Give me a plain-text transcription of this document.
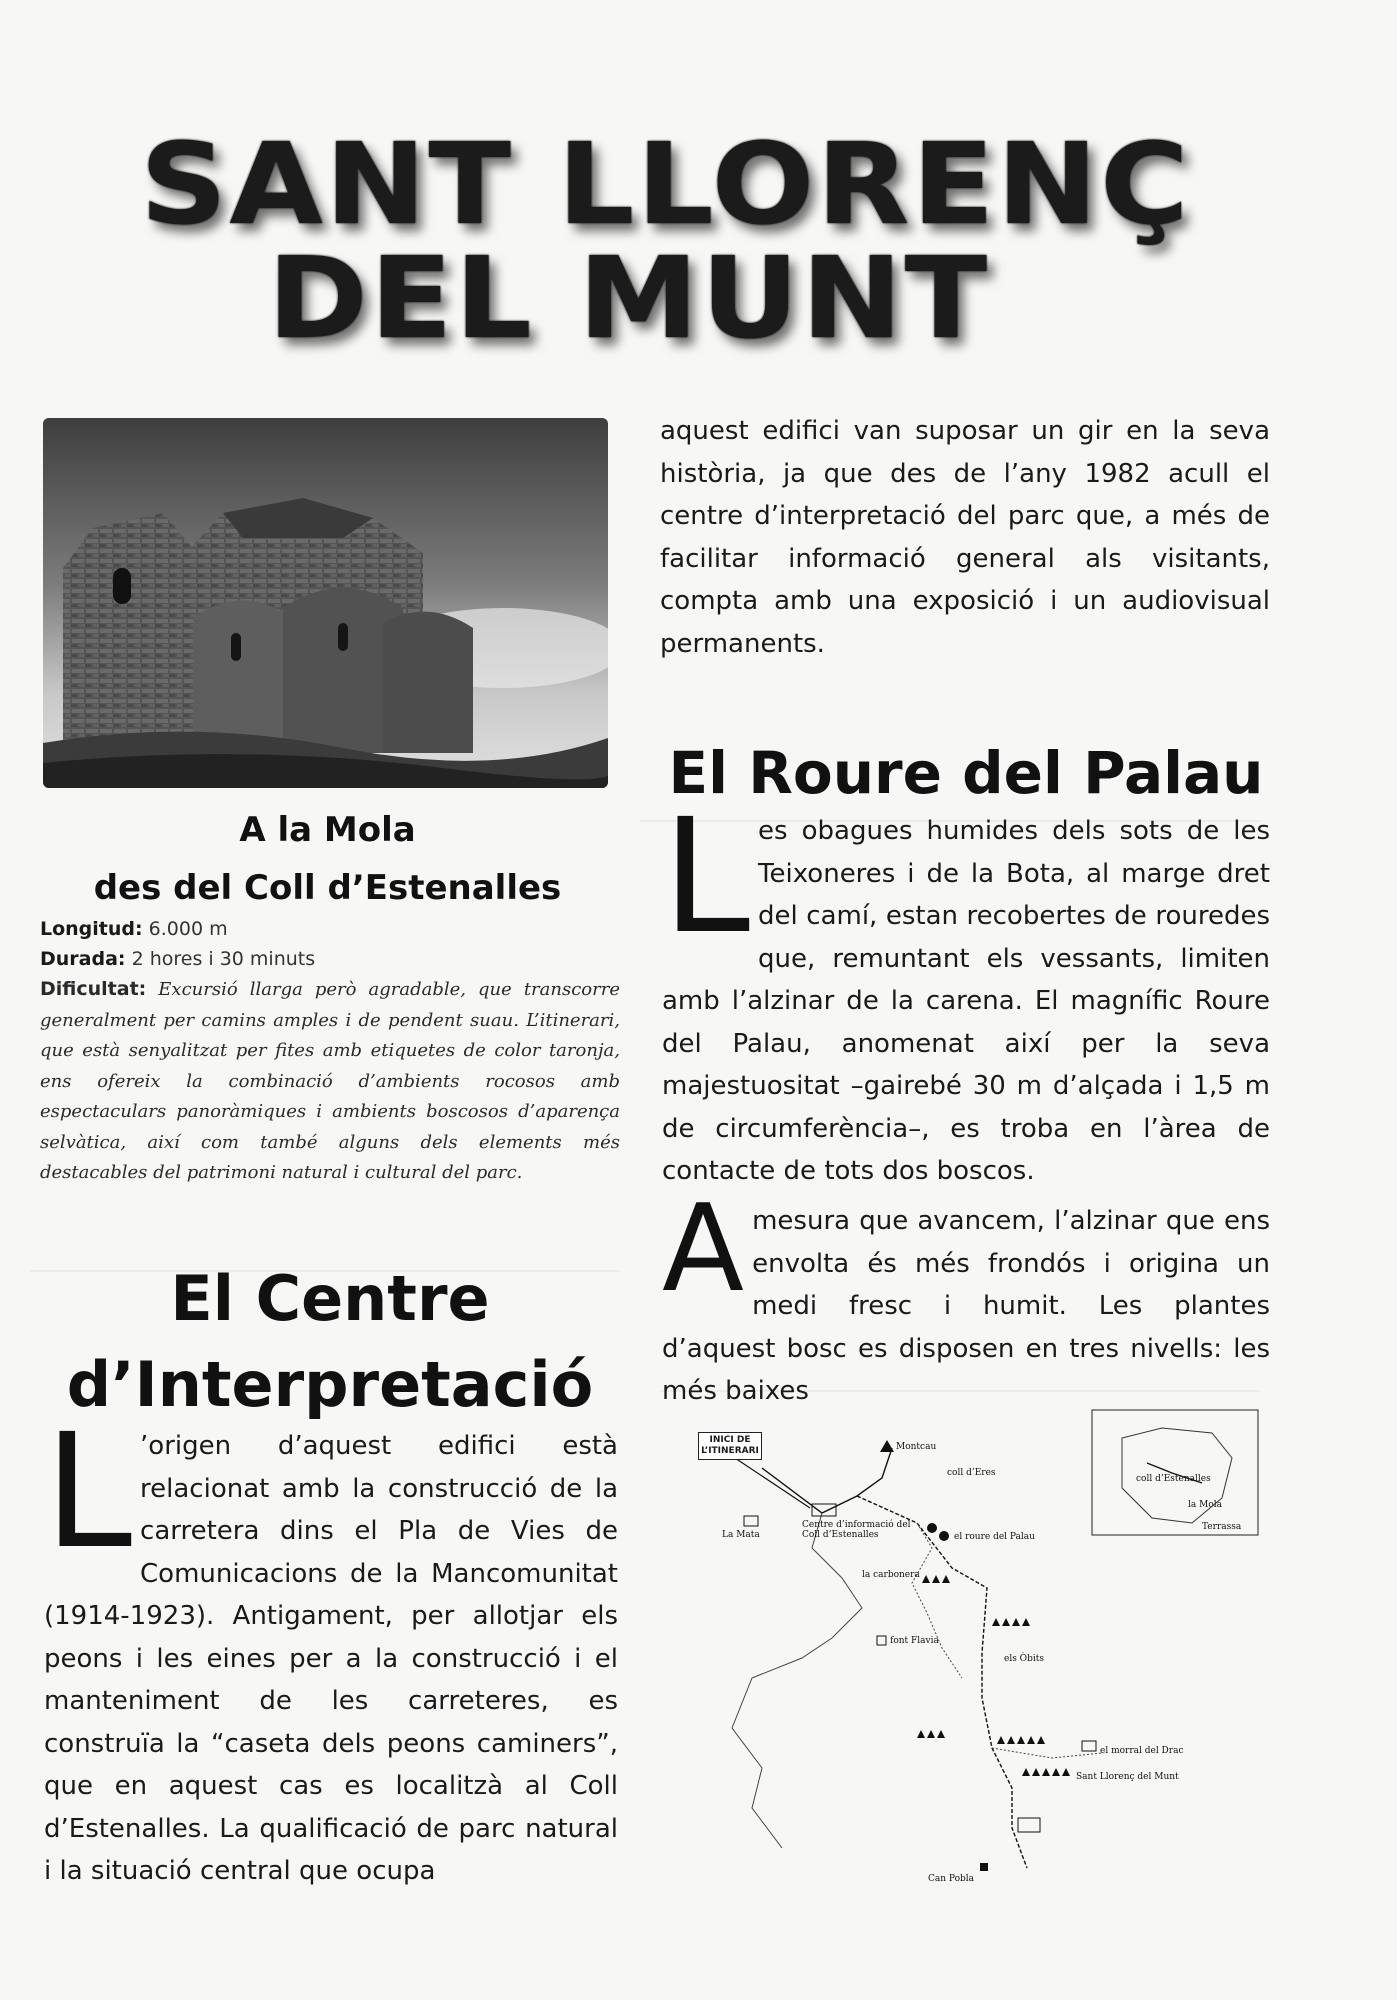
SANT LLORENÇ
DEL MUNT
A la Mola
des del Coll d’Estenalles
Longitud: 6.000 m
Durada: 2 hores i 30 minuts
Dificultat: Excursió llarga però agradable, que transcorre generalment per camins amples i de pendent suau. L’itinerari, que està senyalitzat per fites amb etiquetes de color taronja, ens ofereix la combinació d’ambients rocosos amb espectaculars panoràmiques i ambients boscosos d’aparença selvàtica, així com també alguns dels elements més destacables del patrimoni natural i cultural del parc.
El Centre
d’Interpretació
L ’origen d’aquest edifici està relacionat amb la construcció de la carretera dins el Pla de Vies de Comunicacions de la Mancomunitat (1914-1923). Antigament, per allotjar els peons i les eines per a la construcció i el manteniment de les carreteres, es construïa la “caseta dels peons caminers”, que en aquest cas es localitzà al Coll d’Estenalles. La qualificació de parc natural i la situació central que ocupa
aquest edifici van suposar un gir en la seva història, ja que des de l’any 1982 acull el centre d’interpretació del parc que, a més de facilitar informació general als visitants, compta amb una exposició i un audiovisual permanents.
El Roure del Palau
Les obagues humides dels sots de les Teixoneres i de la Bota, al marge dret del camí, estan recobertes de rouredes que, remuntant els vessants, limiten amb l’alzinar de la carena. El magnífic Roure del Palau, anomenat així per la seva majestuositat –gairebé 30 m d’alçada i 1,5 m de circumferència–, es troba en l’àrea de contacte de tots dos boscos.
A mesura que avancem, l’alzinar que ens envolta és més frondós i origina un medi fresc i humit. Les plantes d’aquest bosc es disposen en tres nivells: les més baixes
INICI DE L’ITINERARI	Montcau
coll d’Eres
La Mata
Centre d’informació del Coll d’Estenalles	el roure del Palau
la carbonera
font Flaviа
els Òbits
el morral del Drac
Sant Llorenç del Munt
Can Pobla
coll d’Estenalles
la Mola
Terrassa
